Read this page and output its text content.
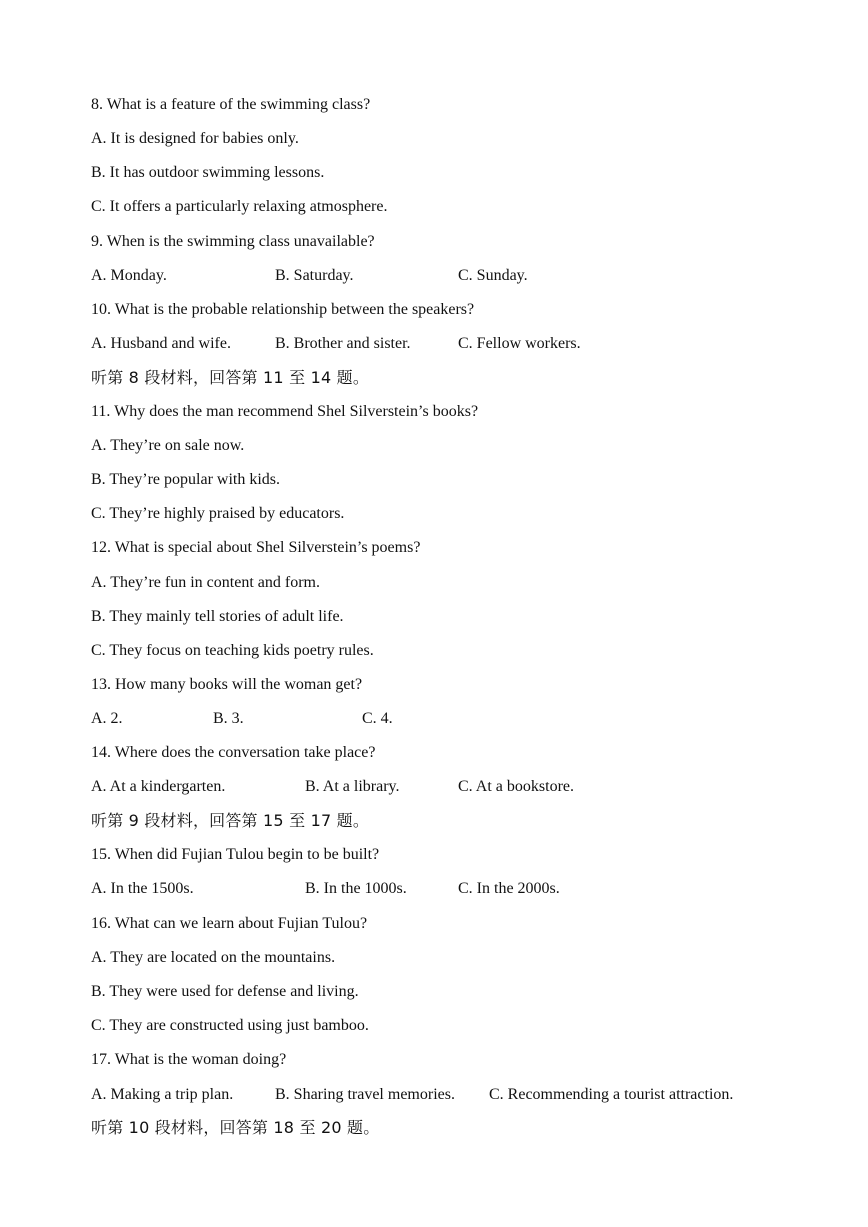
8. What is a feature of the swimming class?
A. It is designed for babies only.
B. It has outdoor swimming lessons.
C. It offers a particularly relaxing atmosphere.
9. When is the swimming class unavailable?
A. Monday.	B. Saturday.	C. Sunday.
10. What is the probable relationship between the speakers?
A. Husband and wife.	B. Brother and sister.	C. Fellow workers.
听第 8 段材料，回答第 11 至 14 题。
11. Why does the man recommend Shel Silverstein’s books?
A. They’re on sale now.
B. They’re popular with kids.
C. They’re highly praised by educators.
12. What is special about Shel Silverstein’s poems?
A. They’re fun in content and form.
B. They mainly tell stories of adult life.
C. They focus on teaching kids poetry rules.
13. How many books will the woman get?
A. 2.	B. 3.	C. 4.
14. Where does the conversation take place?
A. At a kindergarten.	B. At a library.	C. At a bookstore.
听第 9 段材料，回答第 15 至 17 题。
15. When did Fujian Tulou begin to be built?
A. In the 1500s.	B. In the 1000s.	C. In the 2000s.
16. What can we learn about Fujian Tulou?
A. They are located on the mountains.
B. They were used for defense and living.
C. They are constructed using just bamboo.
17. What is the woman doing?
A. Making a trip plan.	B. Sharing travel memories. C. Recommending a tourist attraction.
听第 10 段材料，回答第 18 至 20 题。
